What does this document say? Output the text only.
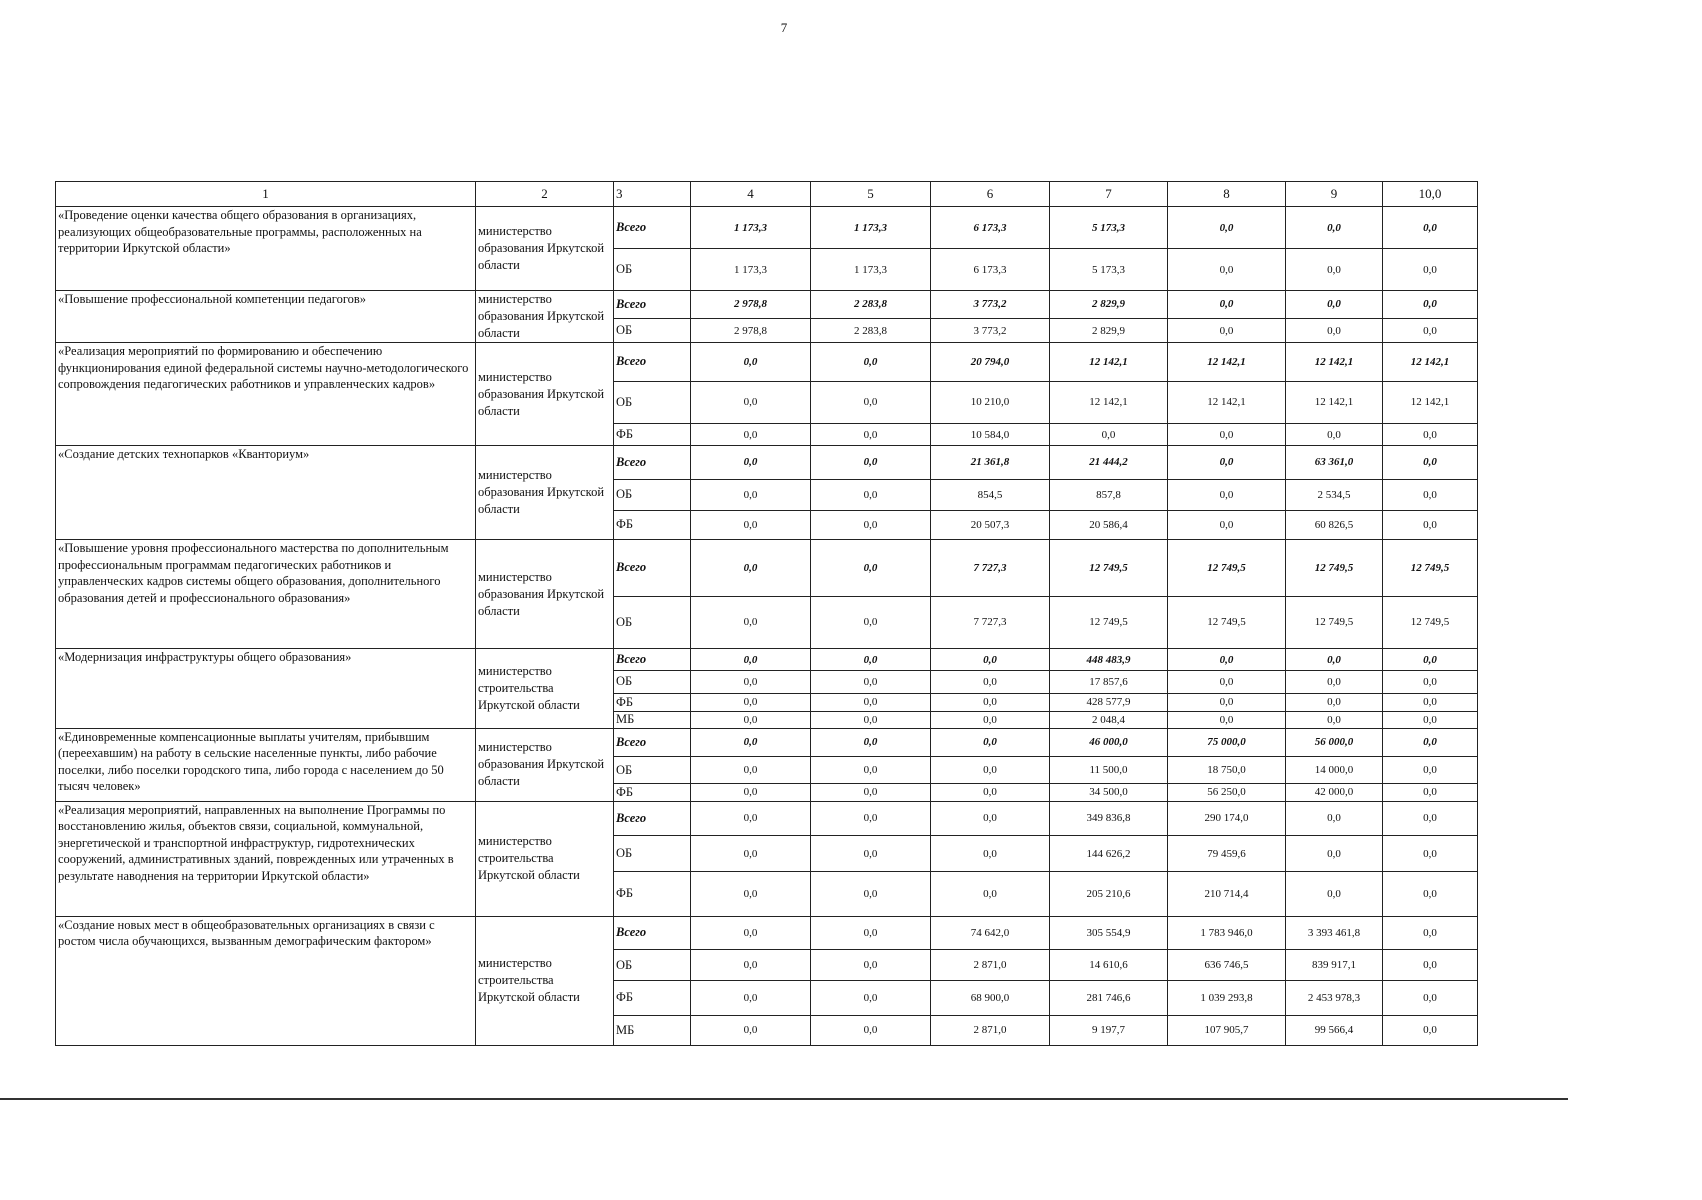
7
1	2	3	4	5	6	7	8	9	10,0
«Проведение оценки качества общего образования в организациях, реализующих общеобразовательные программы, расположенных на территории Иркутской области»	министерство образования Иркутской области	Всего	1 173,3	1 173,3	6 173,3	5 173,3	0,0	0,0	0,0
		ОБ	1 173,3	1 173,3	6 173,3	5 173,3	0,0	0,0	0,0
«Повышение профессиональной компетенции педагогов»	министерство образования Иркутской области	Всего	2 978,8	2 283,8	3 773,2	2 829,9	0,0	0,0	0,0
		ОБ	2 978,8	2 283,8	3 773,2	2 829,9	0,0	0,0	0,0
«Реализация мероприятий по формированию и обеспечению функционирования единой федеральной системы научно-методологического сопровождения педагогических работников и управленческих кадров»	министерство образования Иркутской области	Всего	0,0	0,0	20 794,0	12 142,1	12 142,1	12 142,1	12 142,1
		ОБ	0,0	0,0	10 210,0	12 142,1	12 142,1	12 142,1	12 142,1
		ФБ	0,0	0,0	10 584,0	0,0	0,0	0,0	0,0
«Создание детских технопарков «Кванториум»	министерство образования Иркутской области	Всего	0,0	0,0	21 361,8	21 444,2	0,0	63 361,0	0,0
		ОБ	0,0	0,0	854,5	857,8	0,0	2 534,5	0,0
		ФБ	0,0	0,0	20 507,3	20 586,4	0,0	60 826,5	0,0
«Повышение уровня профессионального мастерства по дополнительным профессиональным программам педагогических работников и управленческих кадров системы общего образования, дополнительного образования детей и профессионального образования»	министерство образования Иркутской области	Всего	0,0	0,0	7 727,3	12 749,5	12 749,5	12 749,5	12 749,5
		ОБ	0,0	0,0	7 727,3	12 749,5	12 749,5	12 749,5	12 749,5
«Модернизация инфраструктуры общего образования»	министерство строительства Иркутской области	Всего	0,0	0,0	0,0	448 483,9	0,0	0,0	0,0
		ОБ	0,0	0,0	0,0	17 857,6	0,0	0,0	0,0
		ФБ	0,0	0,0	0,0	428 577,9	0,0	0,0	0,0
		МБ	0,0	0,0	0,0	2 048,4	0,0	0,0	0,0
«Единовременные компенсационные выплаты учителям, прибывшим (переехавшим) на работу в сельские населенные пункты, либо рабочие поселки, либо поселки городского типа, либо города с населением до 50 тысяч человек»	министерство образования Иркутской области	Всего	0,0	0,0	0,0	46 000,0	75 000,0	56 000,0	0,0
		ОБ	0,0	0,0	0,0	11 500,0	18 750,0	14 000,0	0,0
		ФБ	0,0	0,0	0,0	34 500,0	56 250,0	42 000,0	0,0
«Реализация мероприятий, направленных на выполнение Программы по восстановлению жилья, объектов связи, социальной, коммунальной, энергетической и транспортной инфраструктур, гидротехнических сооружений, административных зданий, поврежденных или утраченных в результате наводнения на территории Иркутской области»	министерство строительства Иркутской области	Всего	0,0	0,0	0,0	349 836,8	290 174,0	0,0	0,0
		ОБ	0,0	0,0	0,0	144 626,2	79 459,6	0,0	0,0
		ФБ	0,0	0,0	0,0	205 210,6	210 714,4	0,0	0,0
«Создание новых мест в общеобразовательных организациях в связи с ростом числа обучающихся, вызванным демографическим фактором»	министерство строительства Иркутской области	Всего	0,0	0,0	74 642,0	305 554,9	1 783 946,0	3 393 461,8	0,0
		ОБ	0,0	0,0	2 871,0	14 610,6	636 746,5	839 917,1	0,0
		ФБ	0,0	0,0	68 900,0	281 746,6	1 039 293,8	2 453 978,3	0,0
		МБ	0,0	0,0	2 871,0	9 197,7	107 905,7	99 566,4	0,0
